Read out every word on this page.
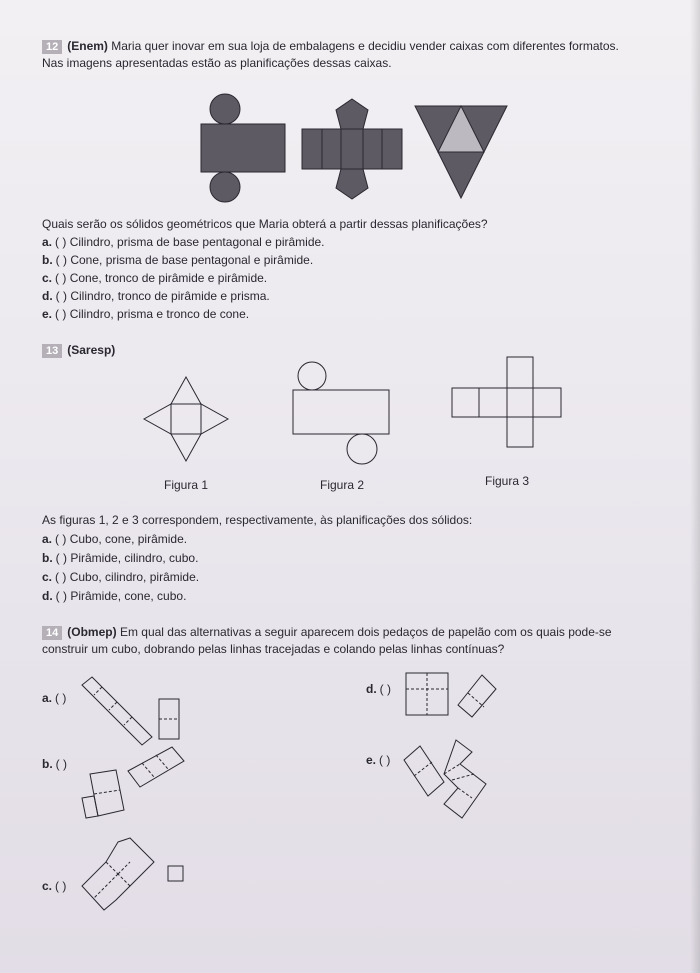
12 (Enem) Maria quer inovar em sua loja de embalagens e decidiu vender caixas com diferentes formatos.
Nas imagens apresentadas estão as planificações dessas caixas.
Quais serão os sólidos geométricos que Maria obterá a partir dessas planificações?
a. ( ) Cilindro, prisma de base pentagonal e pirâmide.
b. ( ) Cone, prisma de base pentagonal e pirâmide.
c. ( ) Cone, tronco de pirâmide e pirâmide.
d. ( ) Cilindro, tronco de pirâmide e prisma.
e. ( ) Cilindro, prisma e tronco de cone.
13 (Saresp)
Figura 1	Figura 2	Figura 3
As figuras 1, 2 e 3 correspondem, respectivamente, às planificações dos sólidos:
a. ( ) Cubo, cone, pirâmide.
b. ( ) Pirâmide, cilindro, cubo.
c. ( ) Cubo, cilindro, pirâmide.
d. ( ) Pirâmide, cone, cubo.
14 (Obmep) Em qual das alternativas a seguir aparecem dois pedaços de papelão com os quais pode-se
construir um cubo, dobrando pelas linhas tracejadas e colando pelas linhas contínuas?
a. ( )
b. ( )
c. ( )
d. ( )
e. ( )
